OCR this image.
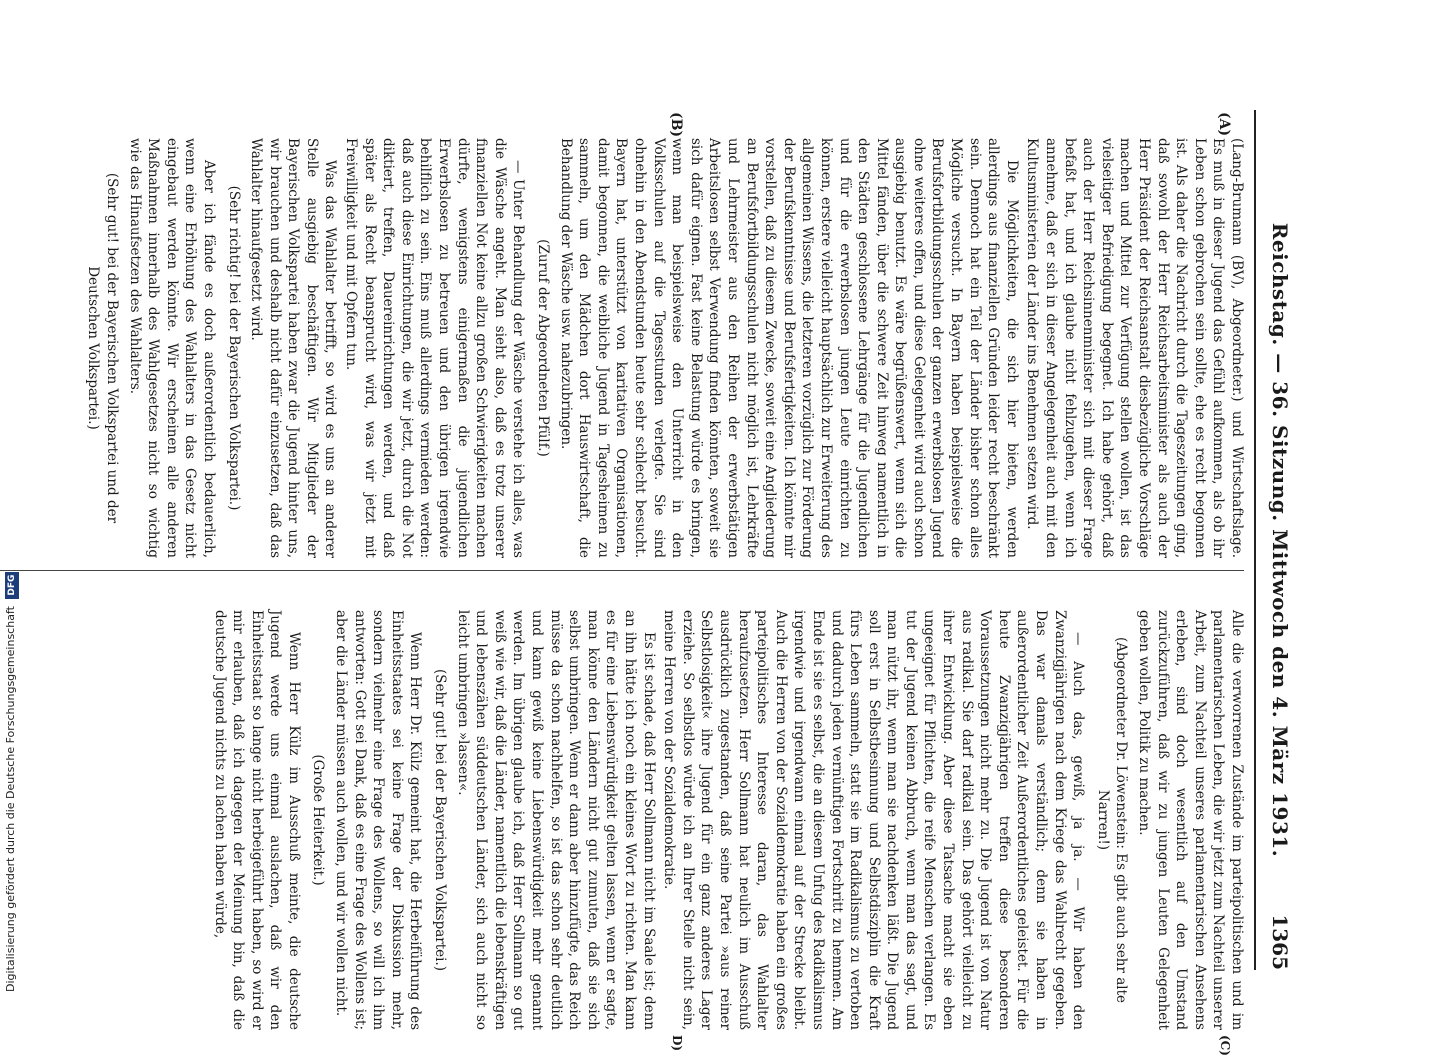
Reichstag. — 36. Sitzung. Mittwoch den 4. März 1931.
1365
(A)
(B)
(C)
D)

(Lang-Brumann (BV), Abgeordneter.) und Wirtschaftslage. Es muß in dieser Jugend das Gefühl aufkommen, als ob ihr Leben schon gebrochen sein sollte, ehe es recht begonnen ist. Als daher die Nachricht durch die Tageszeitungen ging, daß sowohl der Herr Reichsarbeitsminister als auch der Herr Präsident der Reichsanstalt diesbezügliche Vorschläge machen und Mittel zur Verfügung stellen wollen, ist das vielseitiger Befriedigung begegnet. Ich habe gehört, daß auch der Herr Reichsinnenminister sich mit dieser Frage befaßt hat, und ich glaube nicht fehlzugehen, wenn ich annehme, daß er sich in dieser Angelegenheit auch mit den Kultusministerien der Länder ins Benehmen setzen wird.

Die Möglichkeiten, die sich hier bieten, werden allerdings aus finanziellen Gründen leider recht beschränkt sein. Dennoch hat ein Teil der Länder bisher schon alles Mögliche versucht. In Bayern haben beispielsweise die Berufsfortbildungsschulen der ganzen erwerbslosen Jugend ohne weiteres offen, und diese Gelegenheit wird auch schon ausgiebig benutzt. Es wäre begrüßenswert, wenn sich die Mittel fänden, über die schwere Zeit hinweg namentlich in den Städten geschlossene Lehrgänge für die Jugendlichen und für die erwerbslosen jungen Leute einrichten zu können, erstere vielleicht hauptsächlich zur Erweiterung des allgemeinen Wissens, die letzteren vorzüglich zur Förderung der Berufskenntnisse und Berufsfertigkeiten. Ich könnte mir vorstellen, daß zu diesem Zwecke, soweit eine Angliederung an Berufsfortbildungsschulen nicht möglich ist, Lehrkräfte und Lehrmeister aus den Reihen der erwerbstätigen Arbeitslosen selbst Verwendung finden könnten, soweit sie sich dafür eignen. Fast keine Belastung würde es bringen, wenn man beispielsweise den Unterricht in den Volksschulen auf die Tagesstunden verlegte. Sie sind ohnehin in den Abendstunden heute sehr schlecht besucht. Bayern hat, unterstützt von karitativen Organisationen, damit begonnen, die weibliche Jugend in Tagesheimen zu sammeln, um den Mädchen dort Hauswirtschaft, die Behandlung der Wäsche usw. nahezubringen.

(Zuruf der Abgeordneten Pfülf.)

— Unter Behandlung der Wäsche verstehe ich alles, was die Wäsche angeht. Man sieht also, daß es trotz unserer finanziellen Not keine allzu großen Schwierigkeiten machen dürfte, wenigstens einigermaßen die jugendlichen Erwerbslosen zu betreuen und den übrigen irgendwie behilflich zu sein. Eins muß allerdings vermieden werden: daß auch diese Einrichtungen, die wir jetzt, durch die Not diktiert, treffen, Dauereinrichtungen werden, und daß später als Recht beansprucht wird, was wir jetzt mit Freiwilligkeit und mit Opfern tun.

Was das Wahlalter betrifft, so wird es uns an anderer Stelle ausgiebig beschäftigen. Wir Mitglieder der Bayerischen Volkspartei haben zwar die Jugend hinter uns, wir brauchen und deshalb nicht dafür einzusetzen, daß das Wahlalter hinaufgesetzt wird.

(Sehr richtig! bei der Bayerischen Volkspartei.)

Aber ich fände es doch außerordentlich bedauerlich, wenn eine Erhöhung des Wahlalters in das Gesetz nicht eingebaut werden könnte. Wir erscheinen alle anderen Maßnahmen innerhalb des Wahlgesetzes nicht so wichtig wie das Hinaufsetzen des Wahlalters.

(Sehr gut! bei der Bayerischen Volkspartei und der Deutschen Volkspartei.)

Alle die verworrenen Zustände im parteipolitischen und im parlamentarischen Leben, die wir jetzt zum Nachteil unserer Arbeit, zum Nachteil unseres parlamentarischen Ansehens erleben, sind doch wesentlich auf den Umstand zurückzuführen, daß wir zu jungen Leuten Gelegenheit geben wollen, Politik zu machen.

(Abgeordneter Dr. Löwenstein: Es gibt auch sehr alte Narren!)

— Auch das, gewiß, ja ja. — Wir haben den Zwanzigjährigen nach dem Kriege das Wahlrecht gegeben. Das war damals verständlich; denn sie haben in außerordentlicher Zeit Außerordentliches geleistet. Für die heute Zwanzigjährigen treffen diese besonderen Voraussetzungen nicht mehr zu. Die Jugend ist von Natur aus radikal. Sie darf radikal sein. Das gehört vielleicht zu ihrer Entwicklung. Aber diese Tatsache macht sie eben ungeeignet für Pflichten, die reife Menschen verlangen. Es tut der Jugend keinen Abbruch, wenn man das sagt, und man nützt ihr, wenn man sie nachdenken läßt. Die Jugend soll erst in Selbstbesinnung und Selbstdisziplin die Kraft fürs Leben sammeln, statt sie im Radikalismus zu vertoben und dadurch jeden vernünftigen Fortschritt zu hemmen. Am Ende ist sie es selbst, die an diesem Unfug des Radikalismus irgendwie und irgendwann einmal auf der Strecke bleibt. Auch die Herren von der Sozialdemokratie haben ein großes parteipolitisches Interesse daran, das Wahlalter heraufzusetzen. Herr Sollmann hat neulich im Ausschuß ausdrücklich zugestanden, daß seine Partei »aus reiner Selbstlosigkeit« ihre Jugend für ein ganz anderes Lager erziehe. So selbstlos würde ich an Ihrer Stelle nicht sein, meine Herren von der Sozialdemokratie.

Es ist schade, daß Herr Sollmann nicht im Saale ist; denn an ihn hätte ich noch ein kleines Wort zu richten. Man kann es für eine Liebenswürdigkeit gelten lassen, wenn er sagte, man könne den Ländern nicht gut zumuten, daß sie sich selbst umbringen. Wenn er dann aber hinzufügte, das Reich müsse da schon nachhelfen, so ist das schon sehr deutlich und kann gewiß keine Liebenswürdigkeit mehr genannt werden. Im übrigen glaube ich, daß Herr Sollmann so gut weiß wie wir, daß die Länder, namentlich die lebenskräftigen und lebenszähen süddeutschen Länder, sich auch nicht so leicht umbringen »lassen«.

(Sehr gut! bei der Bayerischen Volkspartei.)

Wenn Herr Dr. Külz gemeint hat, die Herbeiführung des Einheitsstaates sei keine Frage der Diskussion mehr, sondern vielmehr eine Frage des Wollens, so will ich ihm antworten: Gott sei Dank, daß es eine Frage des Wollens ist; aber die Länder müssen auch wollen, und wir wollen nicht.

(Große Heiterkeit.)

Wenn Herr Külz im Ausschuß meinte, die deutsche Jugend werde uns einmal auslachen, daß wir den Einheitsstaat so lange nicht herbeigeführt haben, so wird er mir erlauben, daß ich dagegen der Meinung bin, daß die deutsche Jugend nichts zu lachen haben würde,

Digitalisierung gefördert durch die Deutsche Forschungsgemeinschaft DFG
